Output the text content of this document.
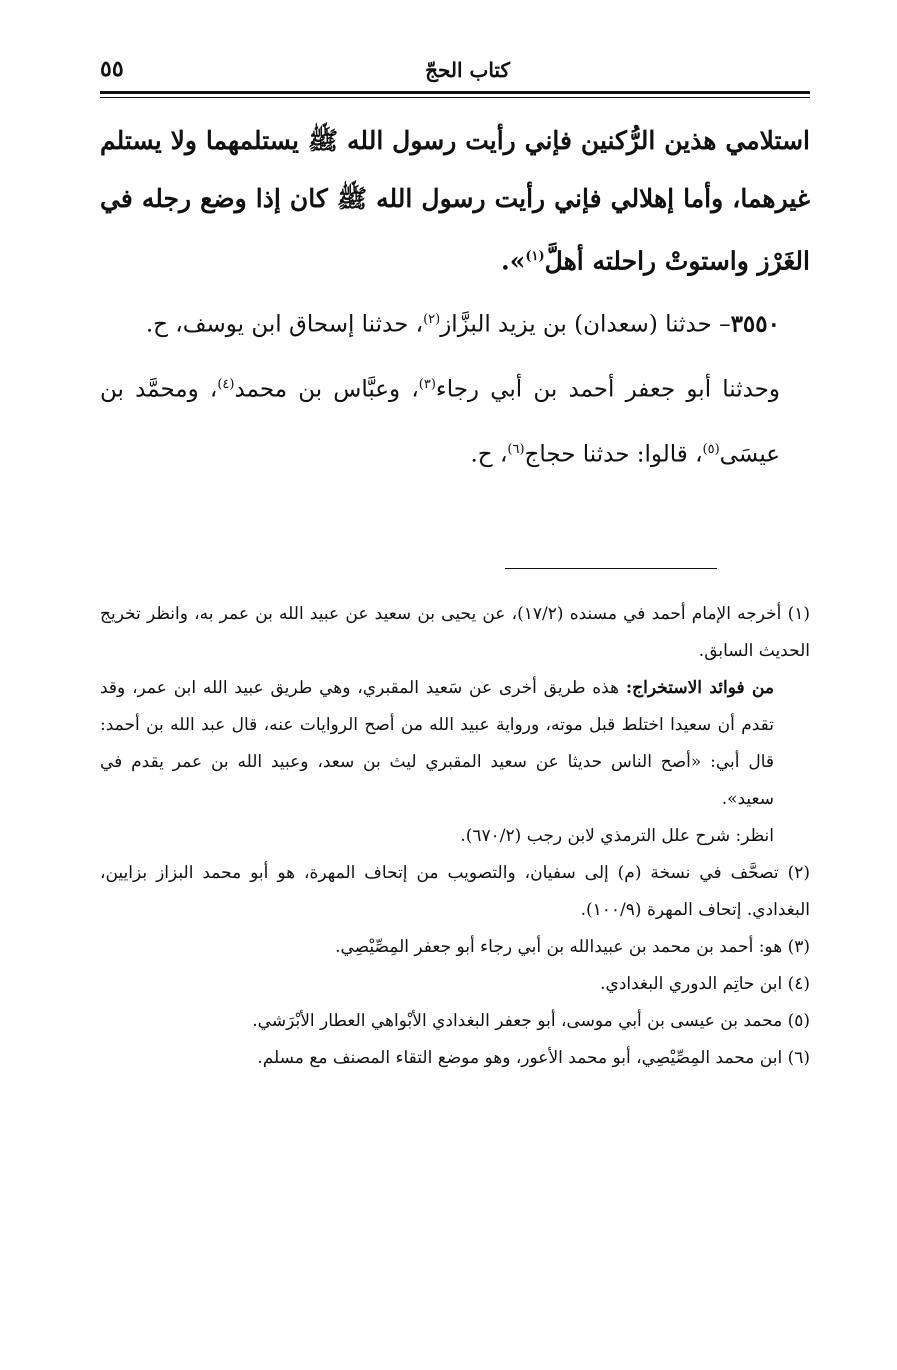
كتاب الحجّ
٥٥

استلامي هذين الرُّكنين فإني رأيت رسول الله ﷺ يستلمهما ولا يستلم غيرهما، وأما إهلالي فإني رأيت رسول الله ﷺ كان إذا وضع رجله في الغَرْز واستوتْ راحلته أهلَّ$^{(١)}$».

٣٥٥٠– حدثنا (سعدان) بن يزيد البزَّاز$^{(٢)}$، حدثنا إسحاق ابن يوسف، ح.

وحدثنا أبو جعفر أحمد بن أبي رجاء$^{(٣)}$، وعبَّاس بن محمد$^{(٤)}$، ومحمَّد بن عيسَى$^{(٥)}$، قالوا: حدثنا حجاج$^{(٦)}$، ح.

(١) أخرجه الإمام أحمد في مسنده (١٧/٢)، عن يحيى بن سعيد عن عبيد الله بن عمر به، وانظر تخريج الحديث السابق.

من فوائد الاستخراج: هذه طريق أخرى عن سَعيد المقبري، وهي طريق عبيد الله ابن عمر، وقد تقدم أن سعيدا اختلط قبل موته، ورواية عبيد الله من أصح الروايات عنه، قال عبد الله بن أحمد: قال أبي: «أصح الناس حديثا عن سعيد المقبري ليث بن سعد، وعبيد الله بن عمر يقدم في سعيد».

انظر: شرح علل الترمذي لابن رجب (٦٧٠/٢).

(٢) تصحَّف في نسخة (م) إلى سفيان، والتصويب من إتحاف المهرة، هو أبو محمد البزاز بزايين، البغدادي. إتحاف المهرة (١٠٠/٩).

(٣) هو: أحمد بن محمد بن عبيدالله بن أبي رجاء أبو جعفر المِصِّيْصِي.

(٤) ابن حاتِم الدوري البغدادي.

(٥) محمد بن عيسى بن أبي موسى، أبو جعفر البغدادي الأبْواهي العطار الأبْرَشي.

(٦) ابن محمد المِصِّيْصِي، أبو محمد الأعور، وهو موضع التقاء المصنف مع مسلم.
